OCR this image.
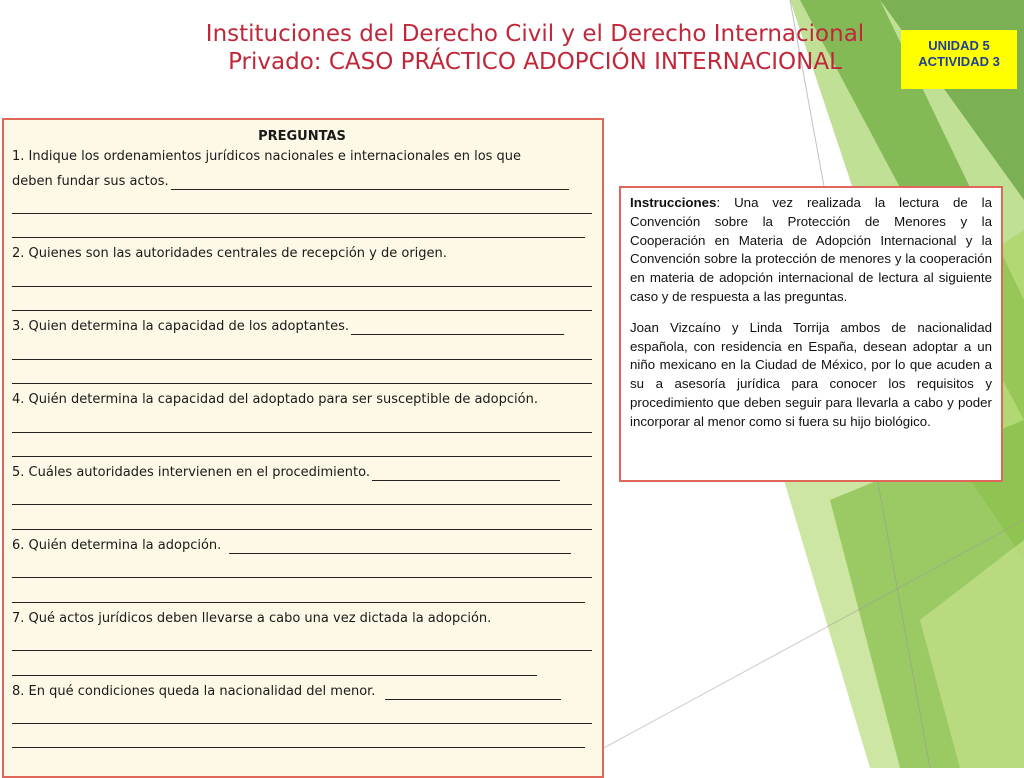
Instituciones del Derecho Civil y el Derecho Internacional
Privado: CASO PRÁCTICO ADOPCIÓN INTERNACIONAL
UNIDAD 5
ACTIVIDAD 3
PREGUNTAS
1. Indique los ordenamientos jurídicos nacionales e internacionales en los que
deben fundar sus actos.
2. Quienes son las autoridades centrales de recepción y de origen.
3. Quien determina la capacidad de los adoptantes.
4. Quién determina la capacidad del adoptado para ser susceptible de adopción.
5. Cuáles autoridades intervienen en el procedimiento.
6. Quién determina la adopción.
7. Qué actos jurídicos deben llevarse a cabo una vez dictada la adopción.
8. En qué condiciones queda la nacionalidad del menor.

Instrucciones: Una vez realizada la lectura de la Convención sobre la Protección de Menores y la Cooperación en Materia de Adopción Internacional y la Convención sobre la protección de menores y la cooperación en materia de adopción internacional de lectura al siguiente caso y de respuesta a las preguntas.

Joan Vizcaíno y Linda Torrija ambos de nacionalidad española, con residencia en España, desean adoptar a un niño mexicano en la Ciudad de México, por lo que acuden a su a asesoría jurídica para conocer los requisitos y procedimiento que deben seguir para llevarla a cabo y poder incorporar al menor como si fuera su hijo biológico.
